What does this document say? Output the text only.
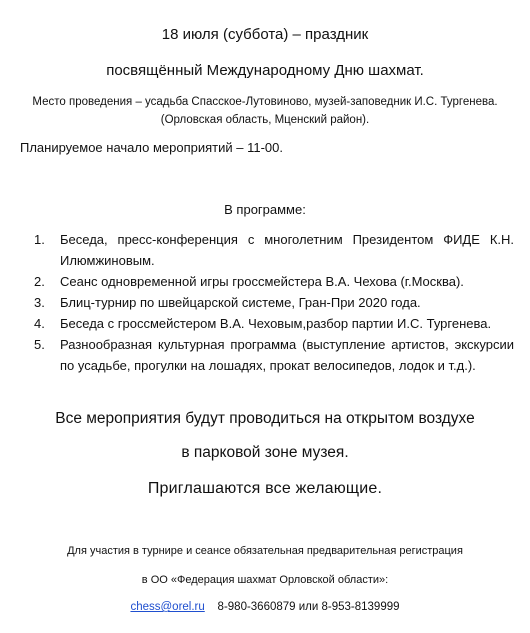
18 июля (суббота) – праздник
посвящённый Международному Дню шахмат.
Место проведения – усадьба Спасское-Лутовиново, музей-заповедник И.С. Тургенева.
(Орловская область, Мценский район).
Планируемое начало мероприятий – 11-00.
В программе:
1. Беседа, пресс-конференция с многолетним Президентом ФИДЕ К.Н. Илюмжиновым.
2. Сеанс одновременной игры гроссмейстера В.А. Чехова (г.Москва).
3. Блиц-турнир по швейцарской системе, Гран-При 2020 года.
4. Беседа с гроссмейстером В.А. Чеховым,разбор партии И.С. Тургенева.
5. Разнообразная культурная программа (выступление артистов, экскурсии по усадьбе, прогулки на лошадях, прокат велосипедов, лодок и т.д.).
Все мероприятия будут проводиться на открытом воздухе
в парковой зоне музея.
Приглашаются все желающие.
Для участия в турнире и сеансе обязательная предварительная регистрация
в ОО «Федерация шахмат Орловской области»:
chess@orel.ru 8-980-3660879 или 8-953-8139999
